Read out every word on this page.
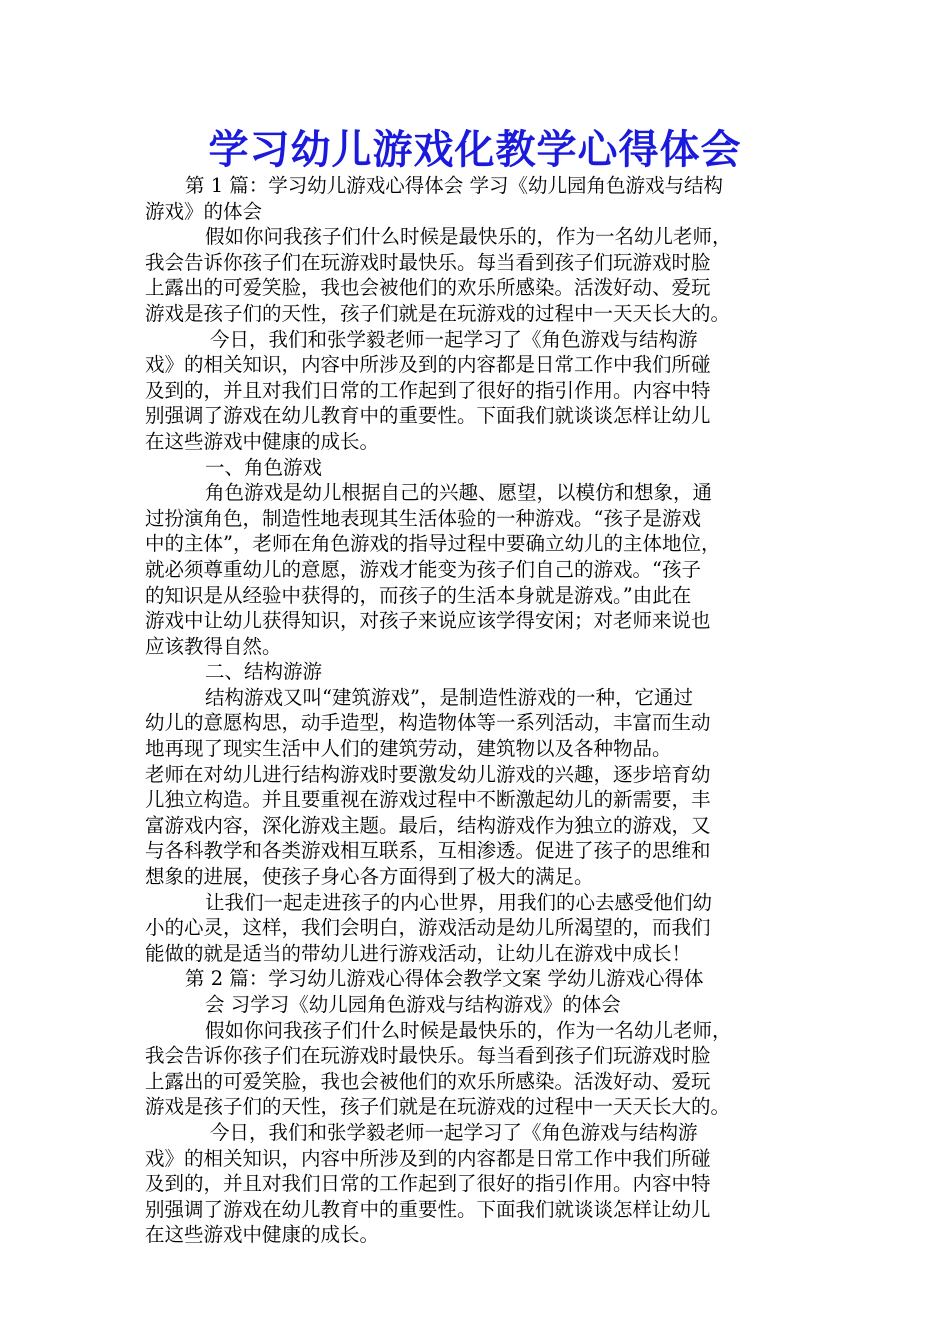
学习幼儿游戏化教学心得体会
第 1 篇：学习幼儿游戏心得体会 学习《幼儿园角色游戏与结构
游戏》的体会
假如你问我孩子们什么时候是最快乐的，作为一名幼儿老师，
我会告诉你孩子们在玩游戏时最快乐。每当看到孩子们玩游戏时脸
上露出的可爱笑脸，我也会被他们的欢乐所感染。活泼好动、爱玩
游戏是孩子们的天性，孩子们就是在玩游戏的过程中一天天长大的。
今日，我们和张学毅老师一起学习了《角色游戏与结构游
戏》的相关知识，内容中所涉及到的内容都是日常工作中我们所碰
及到的，并且对我们日常的工作起到了很好的指引作用。内容中特
别强调了游戏在幼儿教育中的重要性。下面我们就谈谈怎样让幼儿
在这些游戏中健康的成长。
一、角色游戏
角色游戏是幼儿根据自己的兴趣、愿望，以模仿和想象，通
过扮演角色，制造性地表现其生活体验的一种游戏。“孩子是游戏
中的主体”，老师在角色游戏的指导过程中要确立幼儿的主体地位，
就必须尊重幼儿的意愿，游戏才能变为孩子们自己的游戏。“孩子
的知识是从经验中获得的，而孩子的生活本身就是游戏。”由此在
游戏中让幼儿获得知识，对孩子来说应该学得安闲；对老师来说也
应该教得自然。
二、结构游游
结构游戏又叫“建筑游戏”，是制造性游戏的一种，它通过
幼儿的意愿构思，动手造型，构造物体等一系列活动，丰富而生动
地再现了现实生活中人们的建筑劳动，建筑物以及各种物品。
老师在对幼儿进行结构游戏时要激发幼儿游戏的兴趣，逐步培育幼
儿独立构造。并且要重视在游戏过程中不断激起幼儿的新需要，丰
富游戏内容，深化游戏主题。最后，结构游戏作为独立的游戏，又
与各科教学和各类游戏相互联系，互相渗透。促进了孩子的思维和
想象的进展，使孩子身心各方面得到了极大的满足。
让我们一起走进孩子的内心世界，用我们的心去感受他们幼
小的心灵，这样，我们会明白，游戏活动是幼儿所渴望的，而我们
能做的就是适当的带幼儿进行游戏活动，让幼儿在游戏中成长！
第 2 篇：学习幼儿游戏心得体会教学文案 学幼儿游戏心得体
会 习学习《幼儿园角色游戏与结构游戏》的体会
假如你问我孩子们什么时候是最快乐的，作为一名幼儿老师，
我会告诉你孩子们在玩游戏时最快乐。每当看到孩子们玩游戏时脸
上露出的可爱笑脸，我也会被他们的欢乐所感染。活泼好动、爱玩
游戏是孩子们的天性，孩子们就是在玩游戏的过程中一天天长大的。
今日，我们和张学毅老师一起学习了《角色游戏与结构游
戏》的相关知识，内容中所涉及到的内容都是日常工作中我们所碰
及到的，并且对我们日常的工作起到了很好的指引作用。内容中特
别强调了游戏在幼儿教育中的重要性。下面我们就谈谈怎样让幼儿
在这些游戏中健康的成长。
